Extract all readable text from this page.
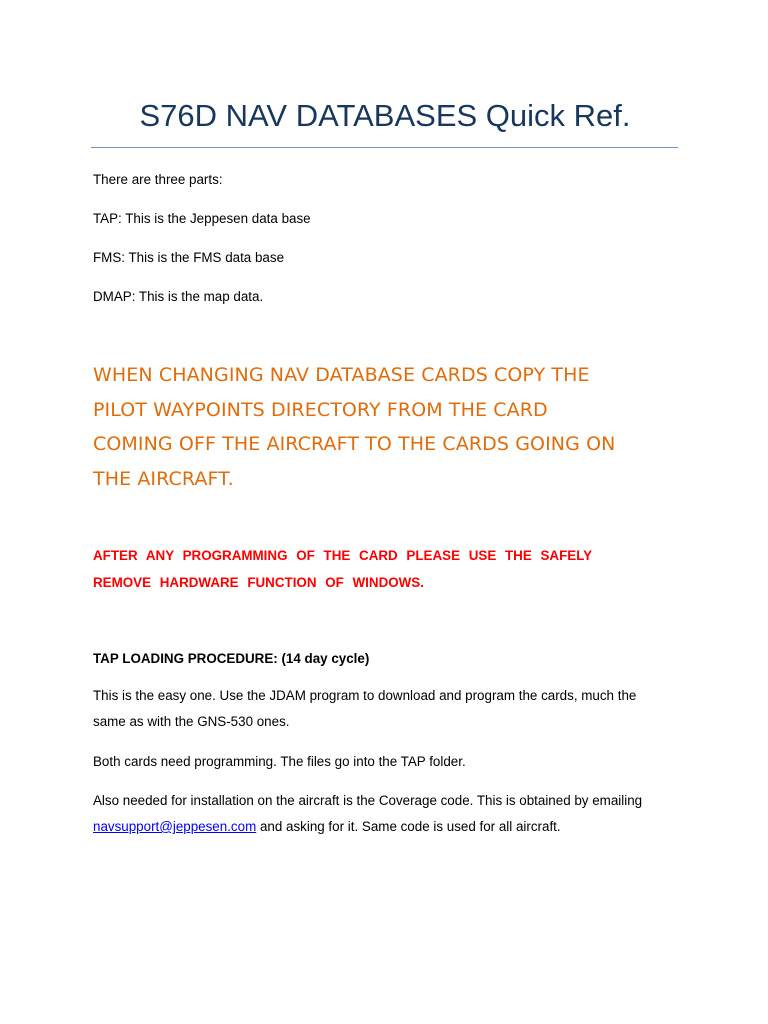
S76D NAV DATABASES Quick Ref.

There are three parts:

TAP: This is the Jeppesen data base

FMS: This is the FMS data base

DMAP: This is the map data.

WHEN CHANGING NAV DATABASE CARDS COPY THE
PILOT WAYPOINTS DIRECTORY FROM THE CARD
COMING OFF THE AIRCRAFT TO THE CARDS GOING ON
THE AIRCRAFT.

AFTER ANY PROGRAMMING OF THE CARD PLEASE USE THE SAFELY
REMOVE HARDWARE FUNCTION OF WINDOWS.

TAP LOADING PROCEDURE: (14 day cycle)

This is the easy one. Use the JDAM program to download and program the cards, much the
same as with the GNS-530 ones.

Both cards need programming. The files go into the TAP folder.

Also needed for installation on the aircraft is the Coverage code. This is obtained by emailing
navsupport@jeppesen.com and asking for it. Same code is used for all aircraft.
